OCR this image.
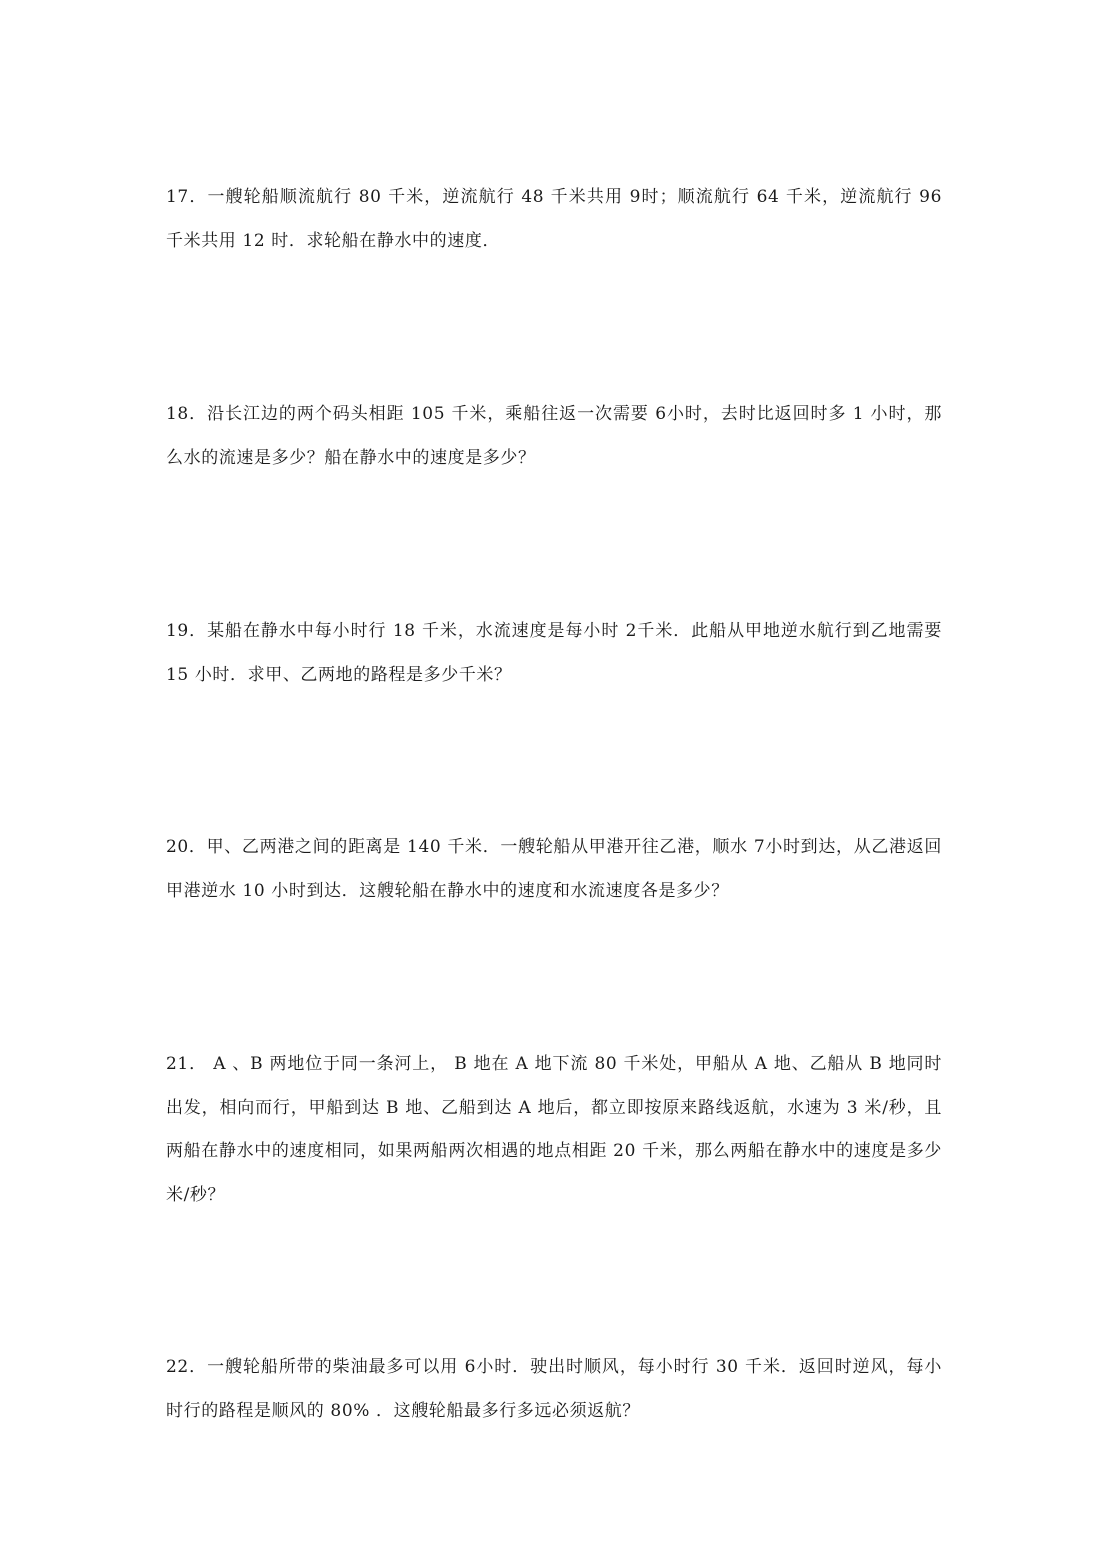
17．一艘轮船顺流航行 80 千米，逆流航行 48 千米共用 9时；顺流航行 64 千米，逆流航行 96 千米共用 12 时．求轮船在静水中的速度．

18．沿长江边的两个码头相距 105 千米，乘船往返一次需要 6小时，去时比返回时多 1 小时，那么水的流速是多少？船在静水中的速度是多少？

19．某船在静水中每小时行 18 千米，水流速度是每小时 2千米．此船从甲地逆水航行到乙地需要 15 小时．求甲、乙两地的路程是多少千米？

20．甲、乙两港之间的距离是 140 千米．一艘轮船从甲港开往乙港，顺水 7小时到达，从乙港返回甲港逆水 10 小时到达．这艘轮船在静水中的速度和水流速度各是多少？

21． A 、B 两地位于同一条河上， B 地在 A 地下流 80 千米处，甲船从 A 地、乙船从 B 地同时出发，相向而行，甲船到达 B 地、乙船到达 A 地后，都立即按原来路线返航，水速为 3 米/秒，且两船在静水中的速度相同，如果两船两次相遇的地点相距 20 千米，那么两船在静水中的速度是多少米/秒？

22．一艘轮船所带的柴油最多可以用 6小时．驶出时顺风，每小时行 30 千米．返回时逆风，每小时行的路程是顺风的 80% ．这艘轮船最多行多远必须返航？
